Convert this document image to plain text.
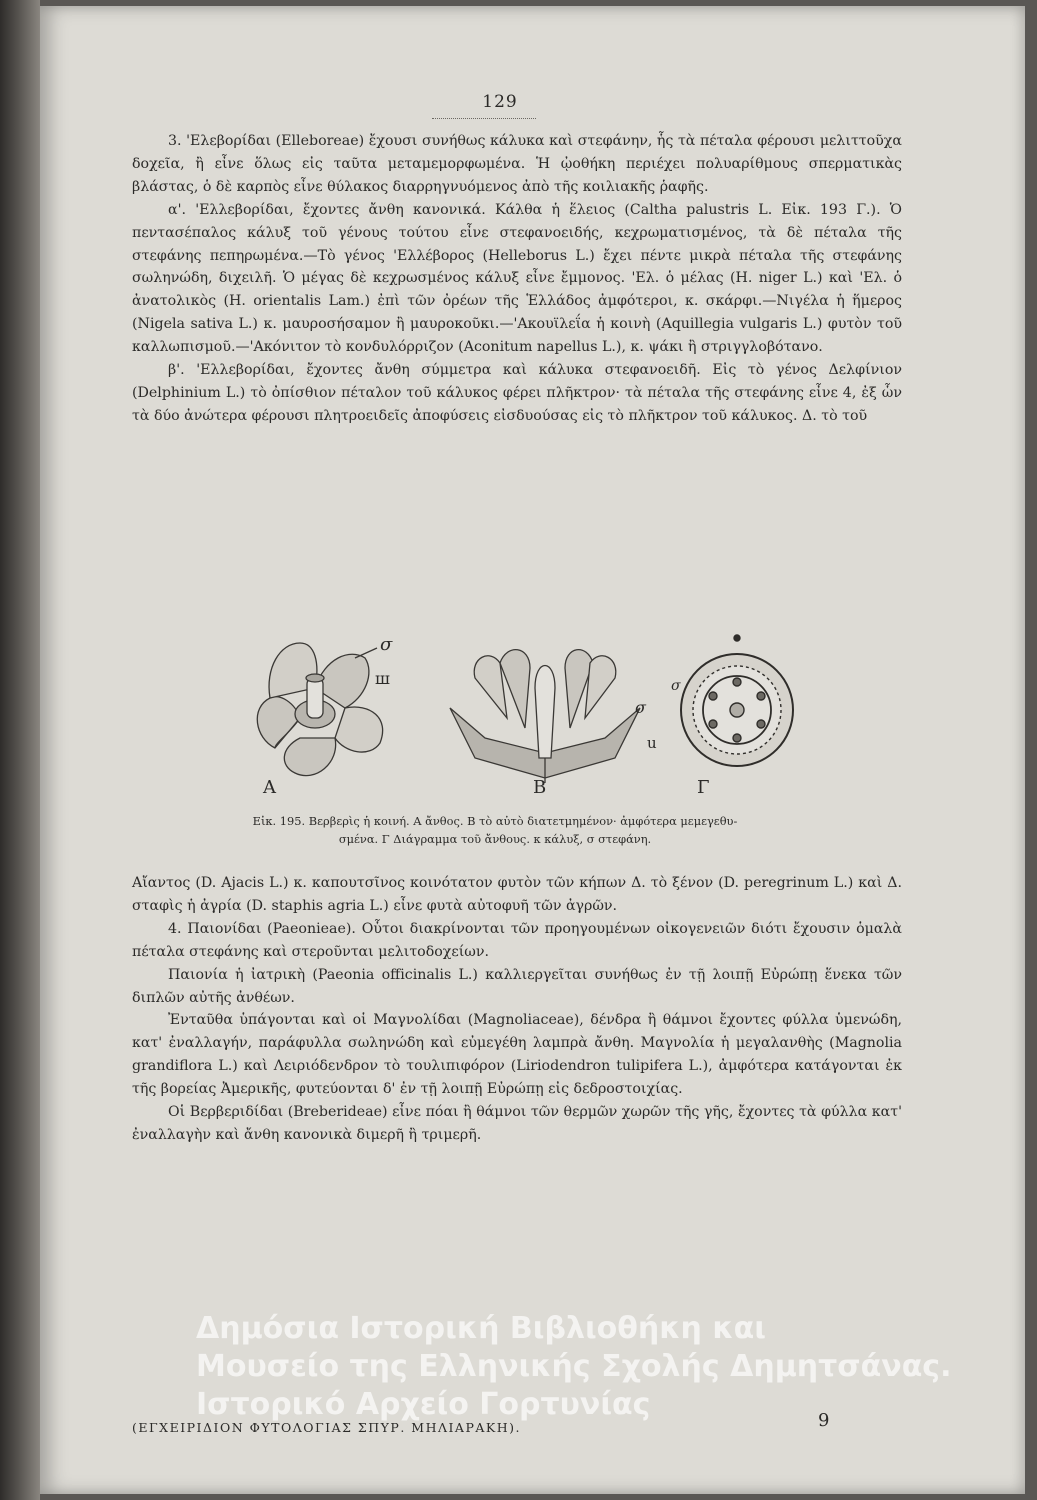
129

3. 'Ελεβορίδαι (Elleboreae) ἔχουσι συνήθως κάλυκα καὶ στεφάνην, ἧς τὰ πέταλα φέρουσι μελιττοῦχα δοχεῖα, ἢ εἶνε ὅλως εἰς ταῦτα μεταμεμορφωμένα. Ἡ ᾠοθήκη περιέχει πολυαρίθμους σπερματικὰς βλάστας, ὁ δὲ καρπὸς εἶνε θύλακος διαρρηγνυόμενος ἀπὸ τῆς κοιλιακῆς ῥαφῆς.

α'. 'Ελλεβορίδαι, ἔχοντες ἄνθη κανονικά. Κάλθα ἡ ἕλειος (Caltha palustris L. Εἰκ. 193 Γ.). Ὁ πεντασέπαλος κάλυξ τοῦ γένους τούτου εἶνε στεφανοειδής, κεχρωματισμένος, τὰ δὲ πέταλα τῆς στεφάνης πεπηρωμένα.—Τὸ γένος 'Ελλέβορος (Helleborus L.) ἔχει πέντε μικρὰ πέταλα τῆς στεφάνης σωληνώδη, διχειλῆ. Ὁ μέγας δὲ κεχρωσμένος κάλυξ εἶνε ἔμμονος. 'Ελ. ὁ μέλας (H. niger L.) καὶ 'Ελ. ὁ ἀνατολικὸς (H. orientalis Lam.) ἐπὶ τῶν ὀρέων τῆς Ἑλλάδος ἀμφότεροι, κ. σκάρφι.—Νιγέλα ἡ ἥμερος (Nigela sativa L.) κ. μαυροσήσαμον ἢ μαυροκοῦκι.—'Ακουϊλεΐα ἡ κοινὴ (Aquillegia vulgaris L.) φυτὸν τοῦ καλλωπισμοῦ.—'Ακόνιτον τὸ κονδυλόρριζον (Aconitum napellus L.), κ. ψάκι ἢ στριγγλοβότανο.

β'. 'Ελλεβορίδαι, ἔχοντες ἄνθη σύμμετρα καὶ κάλυκα στεφανοειδῆ. Εἰς τὸ γένος Δελφίνιον (Delphinium L.) τὸ ὀπίσθιον πέταλον τοῦ κάλυκος φέρει πλῆκτρον· τὰ πέταλα τῆς στεφάνης εἶνε 4, ἐξ ὧν τὰ δύο ἀνώτερα φέρουσι πλητροειδεῖς ἀποφύσεις εἰσδυούσας εἰς τὸ πλῆκτρον τοῦ κάλυκος. Δ. τὸ τοῦ

σ
ш
Α
σ
u
Β
σ
Γ
Εἰκ. 195. Βερβερὶς ἡ κοινή. Α ἄνθος. Β τὸ αὐτὸ διατετμημένον· ἀμφότερα μεμεγεθυ-
σμένα. Γ Διάγραμμα τοῦ ἄνθους. κ κάλυξ, σ στεφάνη.

Αἴαντος (D. Ajacis L.) κ. καπουτσῖνος κοινότατον φυτὸν τῶν κήπων Δ. τὸ ξένον (D. peregrinum L.) καὶ Δ. σταφὶς ἡ ἀγρία (D. staphis agria L.) εἶνε φυτὰ αὐτοφυῆ τῶν ἀγρῶν.

4. Παιονίδαι (Paeonieae). Οὗτοι διακρίνονται τῶν προηγουμένων οἰκογενειῶν διότι ἔχουσιν ὁμαλὰ πέταλα στεφάνης καὶ στεροῦνται μελιτοδοχείων.

Παιονία ἡ ἰατρικὴ (Paeonia officinalis L.) καλλιεργεῖται συνήθως ἐν τῇ λοιπῇ Εὐρώπῃ ἕνεκα τῶν διπλῶν αὐτῆς ἀνθέων.

Ἐνταῦθα ὑπάγονται καὶ οἱ Μαγνολίδαι (Magnoliaceae), δένδρα ἢ θάμνοι ἔχοντες φύλλα ὑμενώδη, κατ' ἐναλλαγήν, παράφυλλα σωληνώδη καὶ εὐμεγέθη λαμπρὰ ἄνθη. Μαγνολία ἡ μεγαλανθὴς (Magnolia grandiflora L.) καὶ Λειριόδενδρον τὸ τουλιπιφόρον (Liriodendron tulipifera L.), ἀμφότερα κατάγονται ἐκ τῆς βορείας Ἀμερικῆς, φυτεύονται δ' ἐν τῇ λοιπῇ Εὐρώπῃ εἰς δεδροστοιχίας.

Οἱ Βερβεριδίδαι (Breberideae) εἶνε πόαι ἢ θάμνοι τῶν θερμῶν χωρῶν τῆς γῆς, ἔχοντες τὰ φύλλα κατ' ἐναλλαγὴν καὶ ἄνθη κανονικὰ διμερῆ ἢ τριμερῆ.

(ΕΓΧΕΙΡΙΔΙΟΝ ΦΥΤΟΛΟΓΙΑΣ ΣΠΥΡ. ΜΗΛΙΑΡΑΚΗ).	9
Δημόσια Ιστορική Βιβλιοθήκη και
Μουσείο της Ελληνικής Σχολής Δημητσάνας.
Ιστορικό Αρχείο Γορτυνίας
